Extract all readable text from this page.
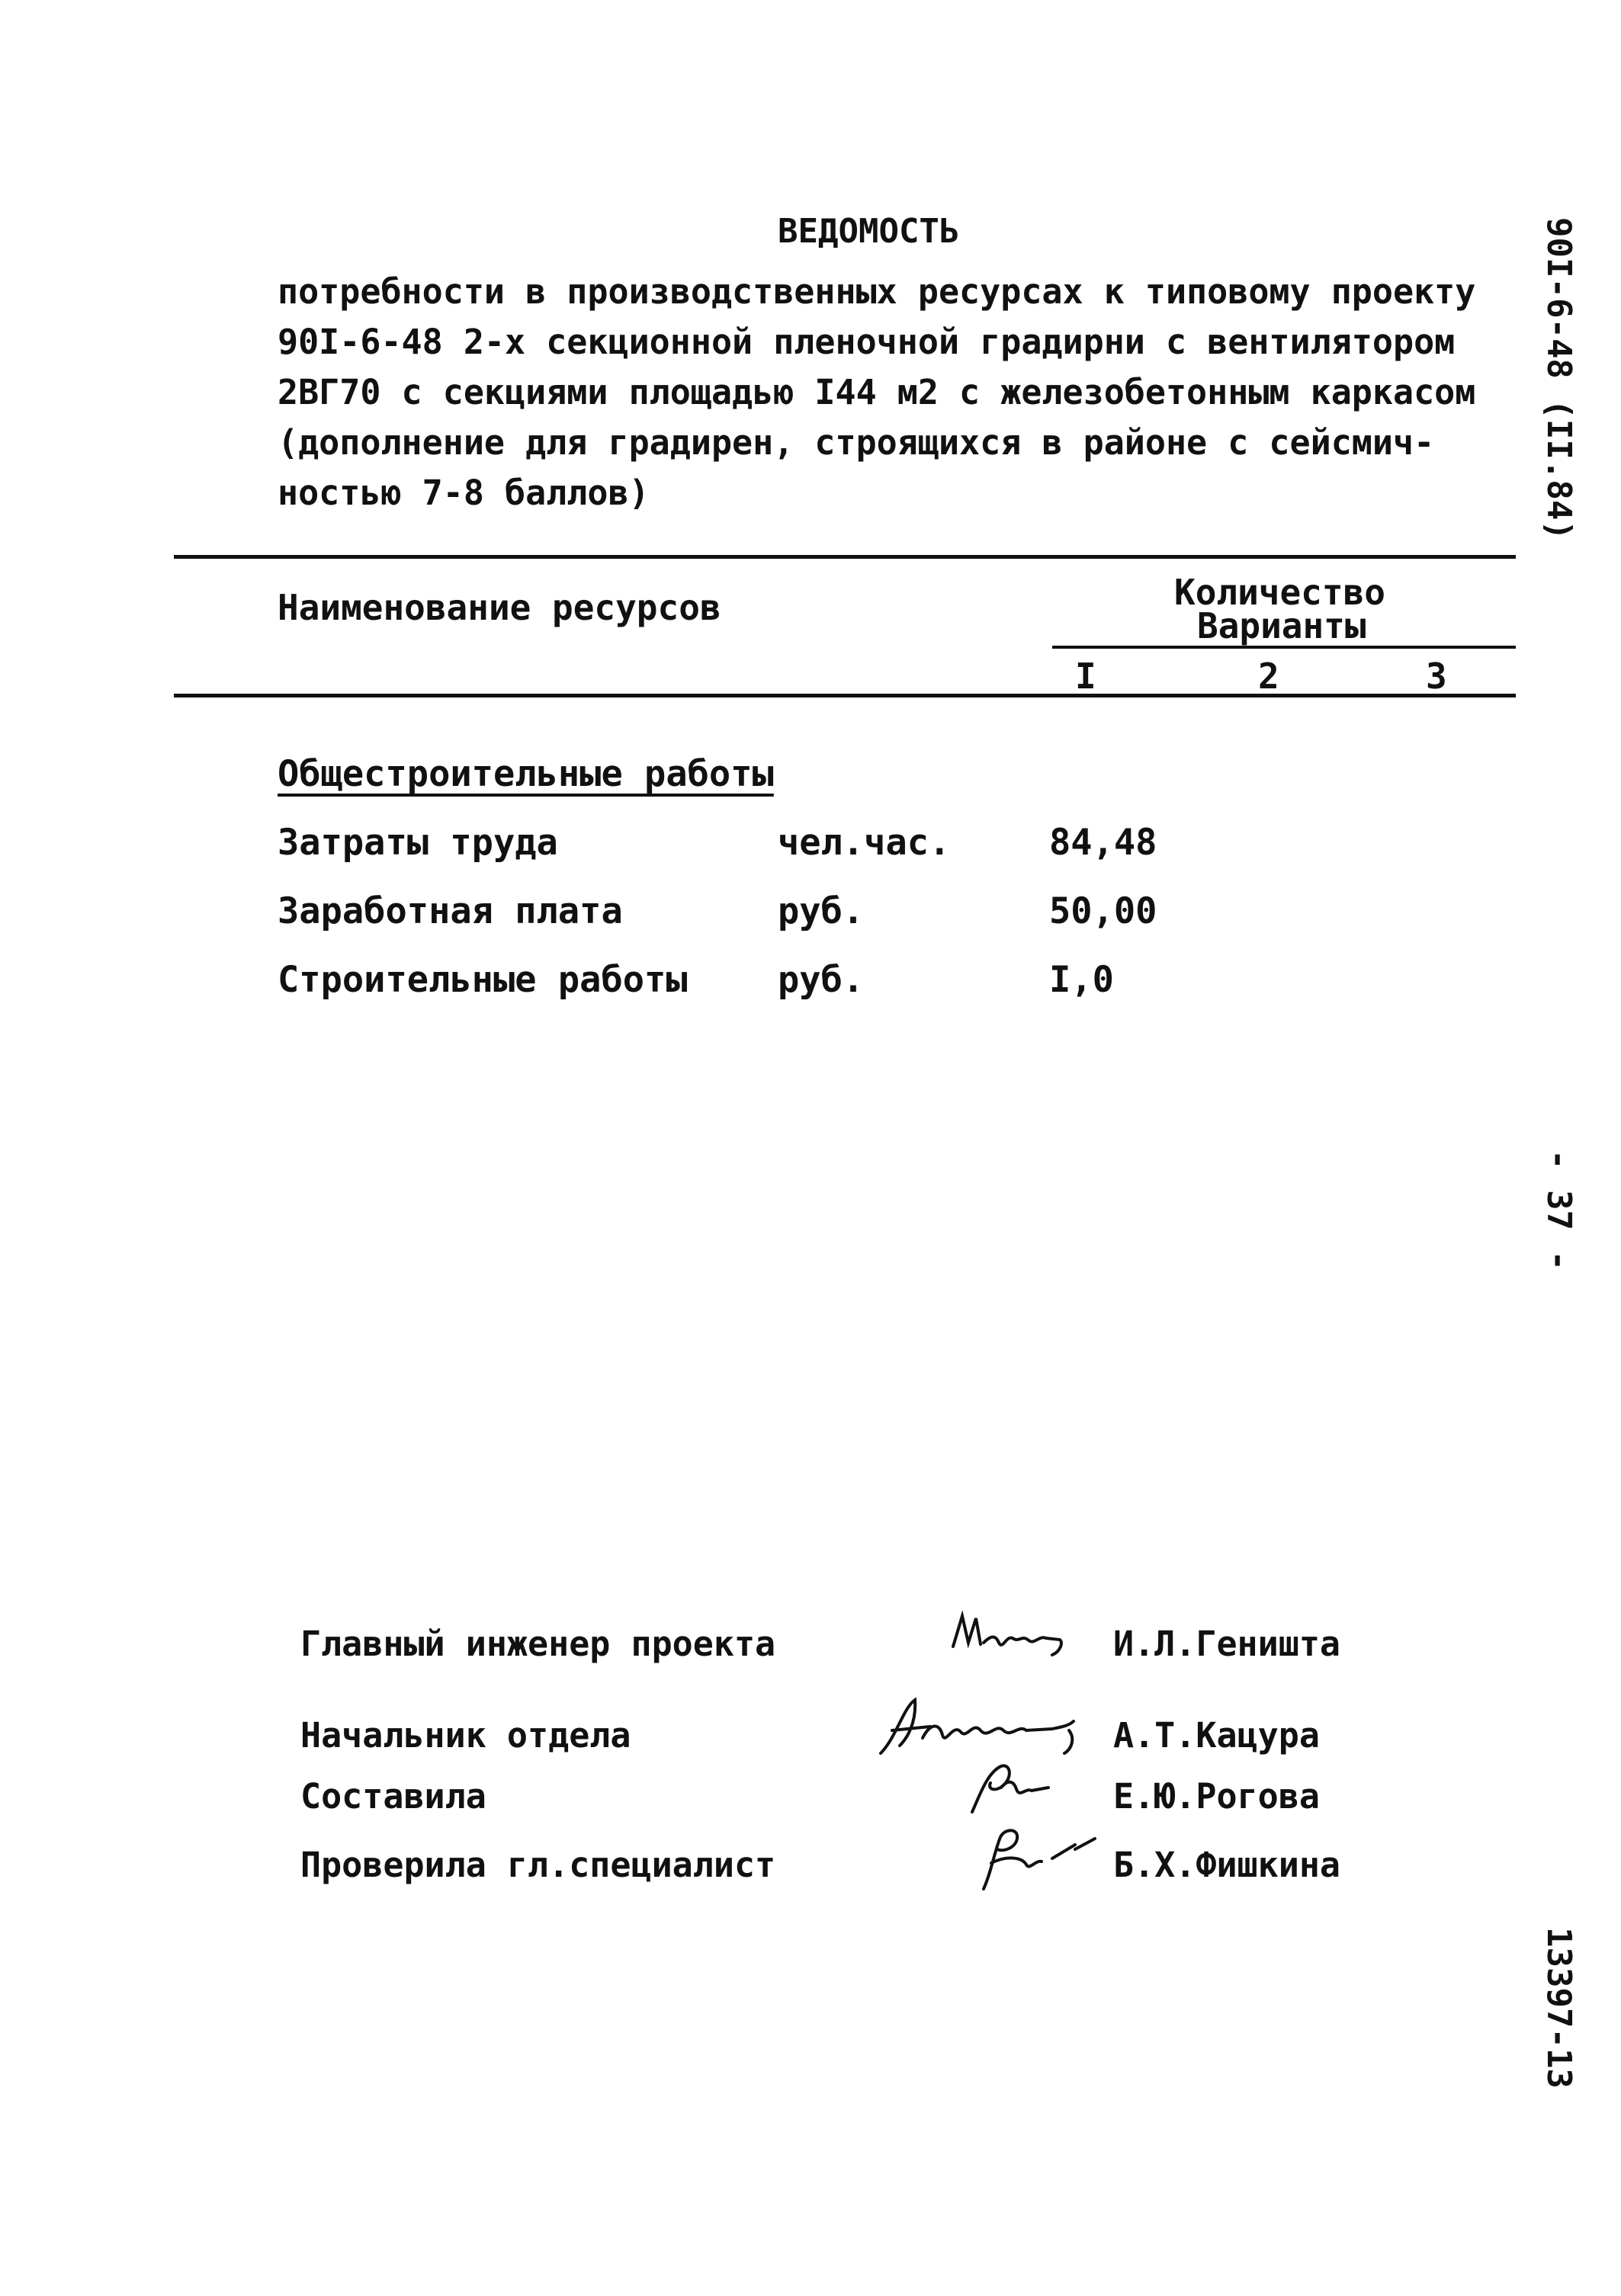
ВЕДОМОСТЬ
потребности в производственных ресурсах к типовому проекту
90I-6-48 2-х секционной пленочной градирни с вентилятором
2ВГ70 с секциями площадью I44 м2 с железобетонным каркасом
(дополнение для градирен, строящихся в районе с сейсмич-
ностью 7-8 баллов)	90I-6-48 (II.84)
- 37 -
13397-13
Наименование ресурсов	Количество
Варианты
I	2	3
Общестроительные работы
Затраты труда	чел.час.	84,48
Заработная плата	руб.	50,00
Строительные работы	руб.	I,0
Главный инженер проекта	И.Л.Геништа
Начальник отдела	А.Т.Кацура
Составила	Е.Ю.Рогова
Проверила гл.специалист	Б.Х.Фишкина
